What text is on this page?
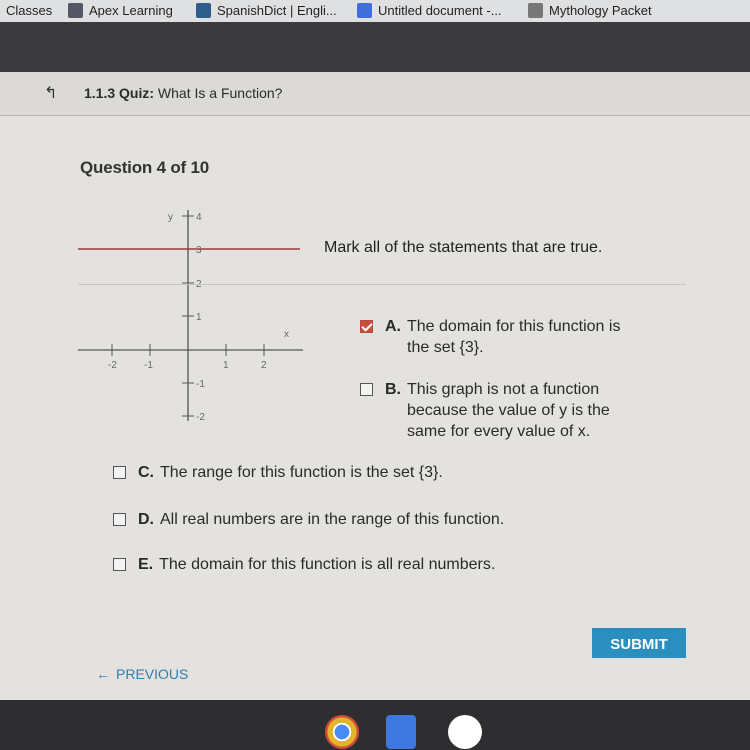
Classes	Apex Learning	SpanishDict | Engli...	Untitled document -...	Mythology Packet
↰ 1.1.3 Quiz: What Is a Function?
Question 4 of 10
y
x
-2	-1	1	2
4
3
1
-1
-2
Mark all of the statements that are true.
A. The domain for this function is
the set {3}.
B. This graph is not a function
because the value of y is the
same for every value of x.
C. The range for this function is the set {3}.
D. All real numbers are in the range of this function.
E. The domain for this function is all real numbers.
SUBMIT
← PREVIOUS
